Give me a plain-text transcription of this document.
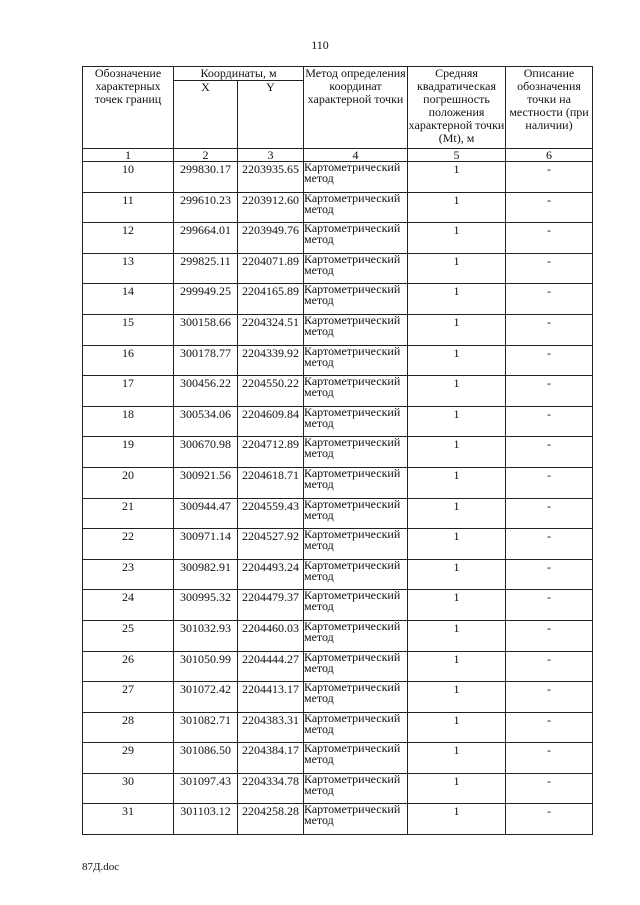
110
Обозначение характерных точек границ	Координаты, м		Метод определения координат характерной точки	Средняя квадратическая погрешность положения характерной точки (Mt), м	Описание обозначения точки на местности (при наличии)
	X	Y			
1	2	3	4	5	6
10	299830.17	2203935.65	Картометрический метод	1	-
11	299610.23	2203912.60	Картометрический метод	1	-
12	299664.01	2203949.76	Картометрический метод	1	-
13	299825.11	2204071.89	Картометрический метод	1	-
14	299949.25	2204165.89	Картометрический метод	1	-
15	300158.66	2204324.51	Картометрический метод	1	-
16	300178.77	2204339.92	Картометрический метод	1	-
17	300456.22	2204550.22	Картометрический метод	1	-
18	300534.06	2204609.84	Картометрический метод	1	-
19	300670.98	2204712.89	Картометрический метод	1	-
20	300921.56	2204618.71	Картометрический метод	1	-
21	300944.47	2204559.43	Картометрический метод	1	-
22	300971.14	2204527.92	Картометрический метод	1	-
23	300982.91	2204493.24	Картометрический метод	1	-
24	300995.32	2204479.37	Картометрический метод	1	-
25	301032.93	2204460.03	Картометрический метод	1	-
26	301050.99	2204444.27	Картометрический метод	1	-
27	301072.42	2204413.17	Картометрический метод	1	-
28	301082.71	2204383.31	Картометрический метод	1	-
29	301086.50	2204384.17	Картометрический метод	1	-
30	301097.43	2204334.78	Картометрический метод	1	-
31	301103.12	2204258.28	Картометрический метод	1	-
87Д.doc
